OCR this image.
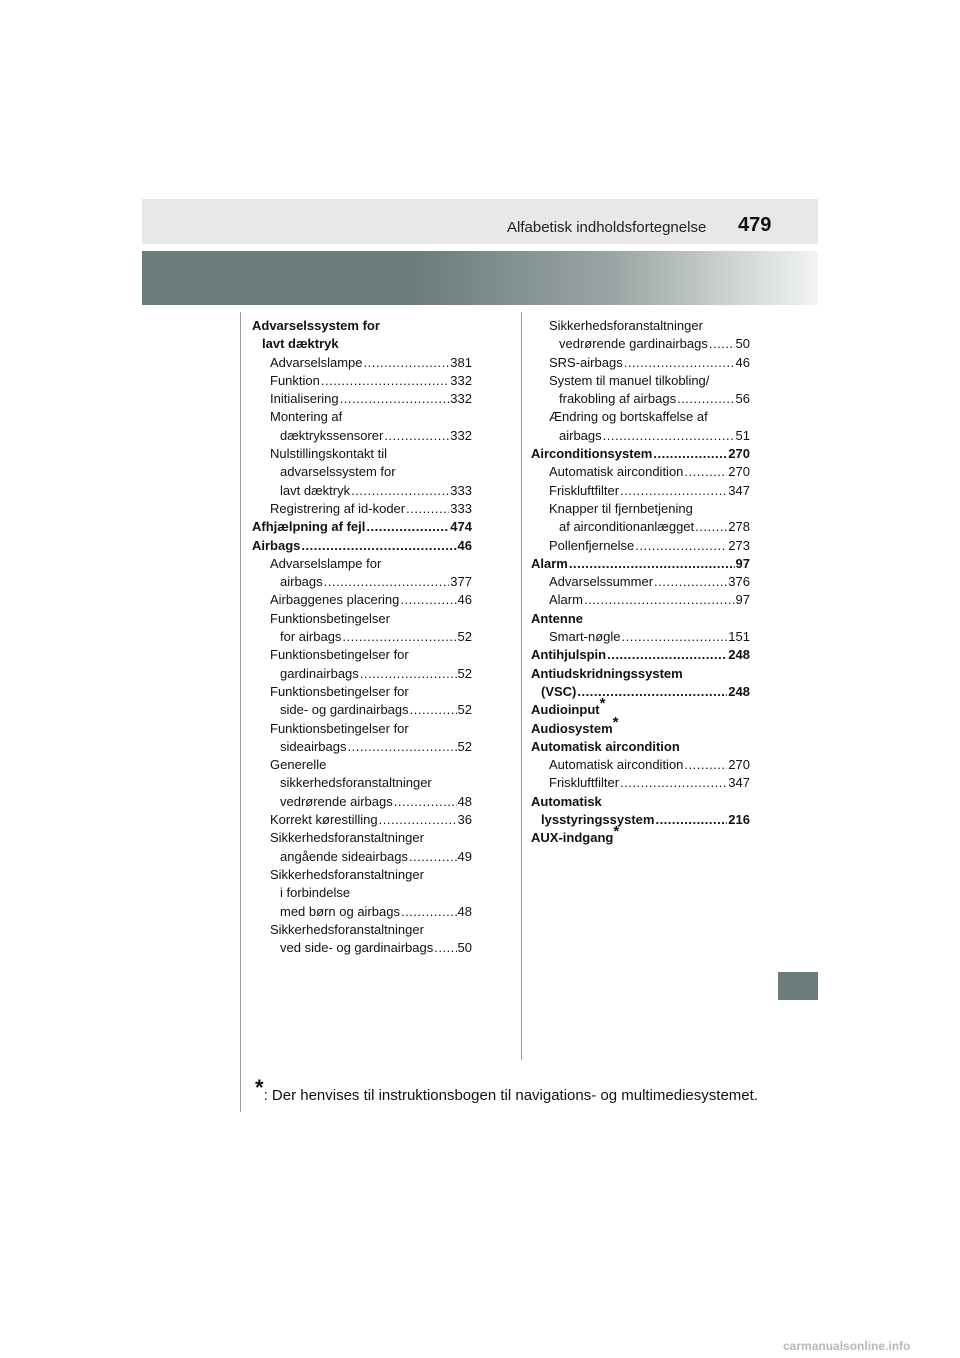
Alfabetisk indholdsfortegnelse 479
Advarselssystem for
lavt dæktryk
Advarselslampe .....	381
Funktion .....	332
Initialisering .....	332
Montering af
dæktrykssensorer .....	332
Nulstillingskontakt til
advarselssystem for
lavt dæktryk .....	333
Registrering af id-koder .....	333
Afhjælpning af fejl .....	474
Airbags .....	46
Advarselslampe for
airbags .....	377
Airbaggenes placering .....	46
Funktionsbetingelser
for airbags .....	52
Funktionsbetingelser for
gardinairbags .....	52
Funktionsbetingelser for
side- og gardinairbags .....	52
Funktionsbetingelser for
sideairbags .....	52
Generelle
sikkerhedsforanstaltninger
vedrørende airbags .....	48
Korrekt kørestilling .....	36
Sikkerhedsforanstaltninger
angående sideairbags .....	49
Sikkerhedsforanstaltninger
i forbindelse
med børn og airbags .....	48
Sikkerhedsforanstaltninger
ved side- og gardinairbags ..... 50
Sikkerhedsforanstaltninger
vedrørende gardinairbags ..... 50
SRS-airbags .....	46
System til manuel tilkobling/
frakobling af airbags .....	56
Ændring og bortskaffelse af
airbags .....	51
Airconditionsystem .....	270
Automatisk aircondition .....	270
Friskluftfilter .....	347
Knapper til fjernbetjening
af airconditionanlægget .....	278
Pollenfjernelse .....	273
Alarm .....	97
Advarselssummer .....	376
Alarm .....	97
Antenne
Smart-nøgle .....	151
Antihjulspin .....	248
Antiudskridningssystem
(VSC) .....	248
Audioinput*
Audiosystem*
Automatisk aircondition
Automatisk aircondition .....	270
Friskluftfilter .....	347
Automatisk
lysstyringssystem .....	216
AUX-indgang*
*: Der henvises til instruktionsbogen til navigations- og multimediesystemet.
carmanualsonline.info
